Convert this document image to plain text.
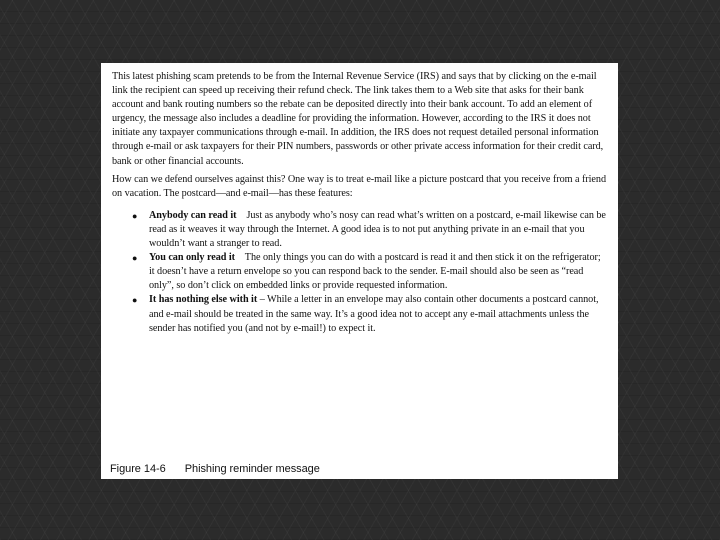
This latest phishing scam pretends to be from the Internal Revenue Service (IRS) and says that by clicking on the e-mail link the recipient can speed up receiving their refund check. The link takes them to a Web site that asks for their bank account and bank routing numbers so the rebate can be deposited directly into their bank account. To add an element of urgency, the message also includes a deadline for providing the information. However, according to the IRS it does not initiate any taxpayer communications through e-mail. In addition, the IRS does not request detailed personal information through e-mail or ask taxpayers for their PIN numbers, passwords or other private access information for their credit card, bank or other financial accounts.

How can we defend ourselves against this? One way is to treat e-mail like a picture postcard that you receive from a friend on vacation. The postcard—and e-mail—has these features:

● Anybody can read it Just as anybody who’s nosy can read what’s written on a postcard, e-mail likewise can be read as it weaves it way through the Internet. A good idea is to not put anything private in an e-mail that you wouldn’t want a stranger to read.
● You can only read it The only things you can do with a postcard is read it and then stick it on the refrigerator; it doesn’t have a return envelope so you can respond back to the sender. E-mail should also be seen as “read only”, so don’t click on embedded links or provide requested information.
● It has nothing else with it – While a letter in an envelope may also contain other documents a postcard cannot, and e-mail should be treated in the same way. It’s a good idea not to accept any e-mail attachments unless the sender has notified you (and not by e-mail!) to expect it.
Figure 14-6 Phishing reminder message
